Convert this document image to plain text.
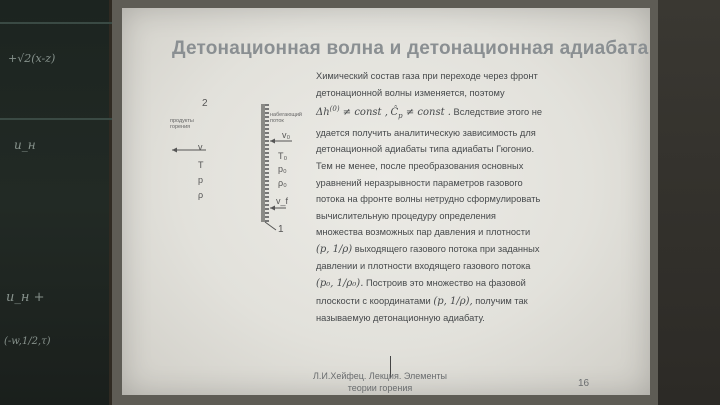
+√2(x-z)
u_н
u_н +
(-w,1/2,τ)
Детонационная волна и детонационная адиабата
2
продукты
горения
набегающий
поток
v
T
p
ρ
v₀
T₀
p₀
ρ₀
v_f
1

Химический состав газа при переходе через фронт

детонационной волны изменяется, поэтому

$\Delta h^{(0)}$ ≠ const , $Ĉ_p$ ≠ const . Вследствие этого не

удается получить аналитическую зависимость для

детонационной адиабаты типа адиабаты Гюгонио.

Тем не менее, после преобразования основных

уравнений неразрывности параметров газового

потока на фронте волны нетрудно сформулировать

вычислительную процедуру определения

множества возможных пар давления и плотности

(p, 1/ρ) выходящего газового потока при заданных

давлении и плотности входящего газового потока

(p₀, 1/ρ₀). Построив это множество на фазовой

плоскости с координатами (p, 1/ρ), получим так

называемую детонационную адиабату.

Л.И.Хейфец. Лекция. Элементы теории горения	16
